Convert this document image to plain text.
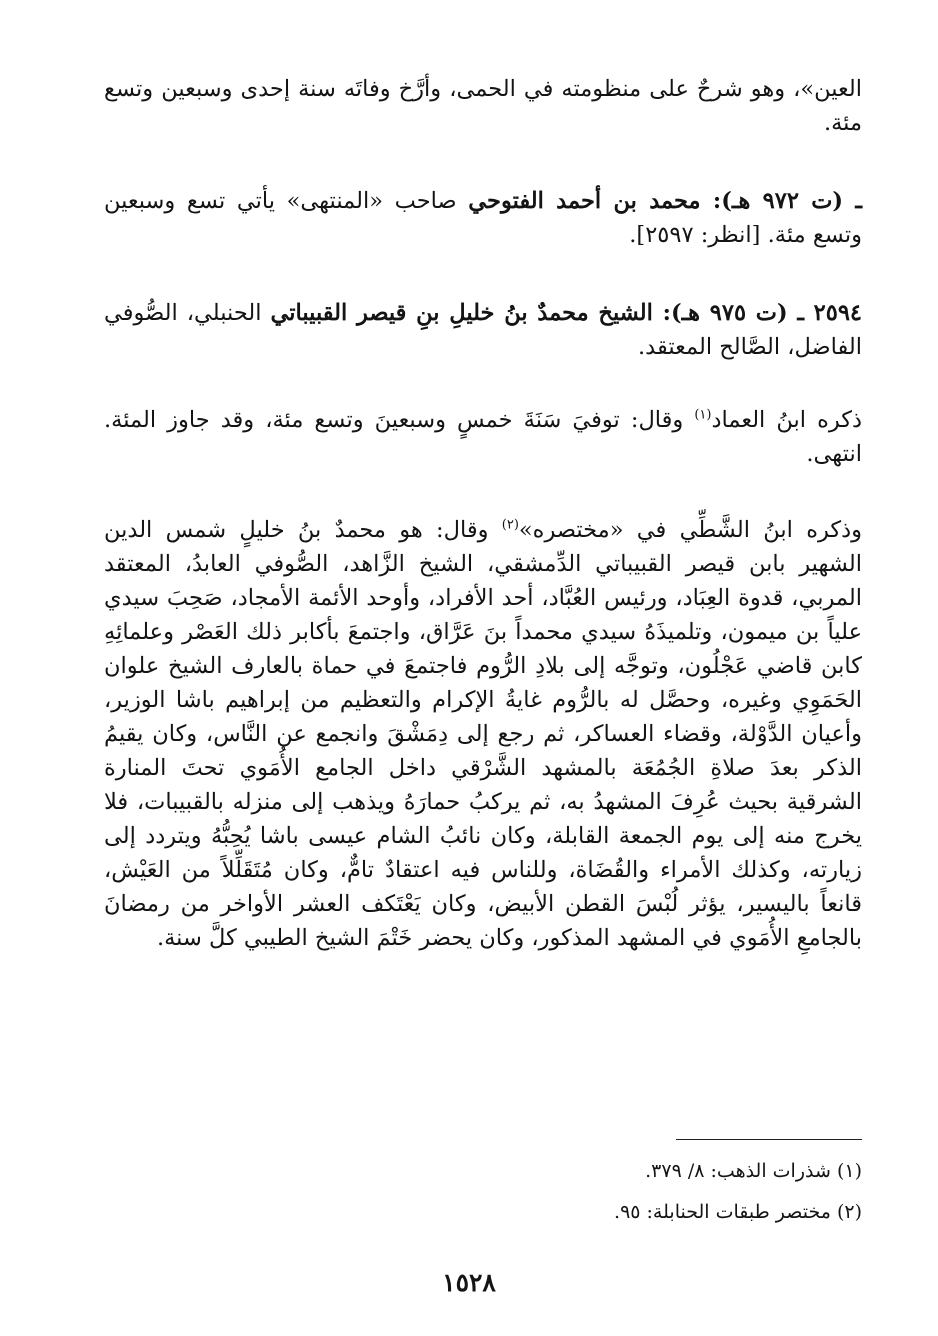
العين»، وهو شرحٌ على منظومته في الحمى، وأرَّخ وفاتَه سنة إحدى وسبعين وتسع مئة.

ـ (ت ٩٧٢ هـ): محمد بن أحمد الفتوحي صاحب «المنتهى» يأتي تسع وسبعين وتسع مئة. [انظر: ٢٥٩٧].

٢٥٩٤ ـ (ت ٩٧٥ هـ): الشيخ محمدٌ بنُ خليلِ بنِ قيصر القبيباتي الحنبلي، الصُّوفي الفاضل، الصَّالح المعتقد.

ذكره ابنُ العماد$^{(١)}$ وقال: توفيَ سَنَةَ خمسٍ وسبعينَ وتسع مئة، وقد جاوز المئة. انتهى.

وذكره ابنُ الشَّطِّي في «مختصره»$^{(٢)}$ وقال: هو محمدٌ بنُ خليلٍ شمس الدين الشهير بابن قيصر القبيباتي الدِّمشقي، الشيخ الزَّاهد، الصُّوفي العابدُ، المعتقد المربي، قدوة العِبَاد، ورئيس العُبَّاد، أحد الأفراد، وأوحد الأئمة الأمجاد، صَحِبَ سيدي علياً بن ميمون، وتلميذَهُ سيدي محمداً بنَ عَرَّاق، واجتمعَ بأكابر ذلك العَصْر وعلمائِهِ كابن قاضي عَجْلُون، وتوجَّه إلى بلادِ الرُّوم فاجتمعَ في حماة بالعارف الشيخ علوان الحَمَوِي وغيره، وحصَّل له بالرُّوم غايةُ الإكرام والتعظيم من إبراهيم باشا الوزير، وأعيان الدَّوْلة، وقضاء العساكر، ثم رجع إلى دِمَشْقَ وانجمع عن النَّاس، وكان يقيمُ الذكر بعدَ صلاةِ الجُمُعَة بالمشهد الشَّرْقي داخل الجامع الأُمَوي تحتَ المنارة الشرقية بحيث عُرِفَ المشهدُ به، ثم يركبُ حمارَهُ ويذهب إلى منزله بالقبيبات، فلا يخرج منه إلى يوم الجمعة القابلة، وكان نائبُ الشام عيسى باشا يُحِبُّهُ ويتردد إلى زيارته، وكذلك الأمراء والقُضَاة، وللناس فيه اعتقادٌ تامٌّ، وكان مُتَقَلِّلاً من العَيْش، قانعاً باليسير، يؤثر لُبْسَ القطن الأبيض، وكان يَعْتَكف العشر الأواخر من رمضانَ بالجامعِ الأُمَوي في المشهد المذكور، وكان يحضر خَتْمَ الشيخ الطيبي كلَّ سنة.

(١) شذرات الذهب: ٨/ ٣٧٩.

(٢) مختصر طبقات الحنابلة: ٩٥.

١٥٢٨
